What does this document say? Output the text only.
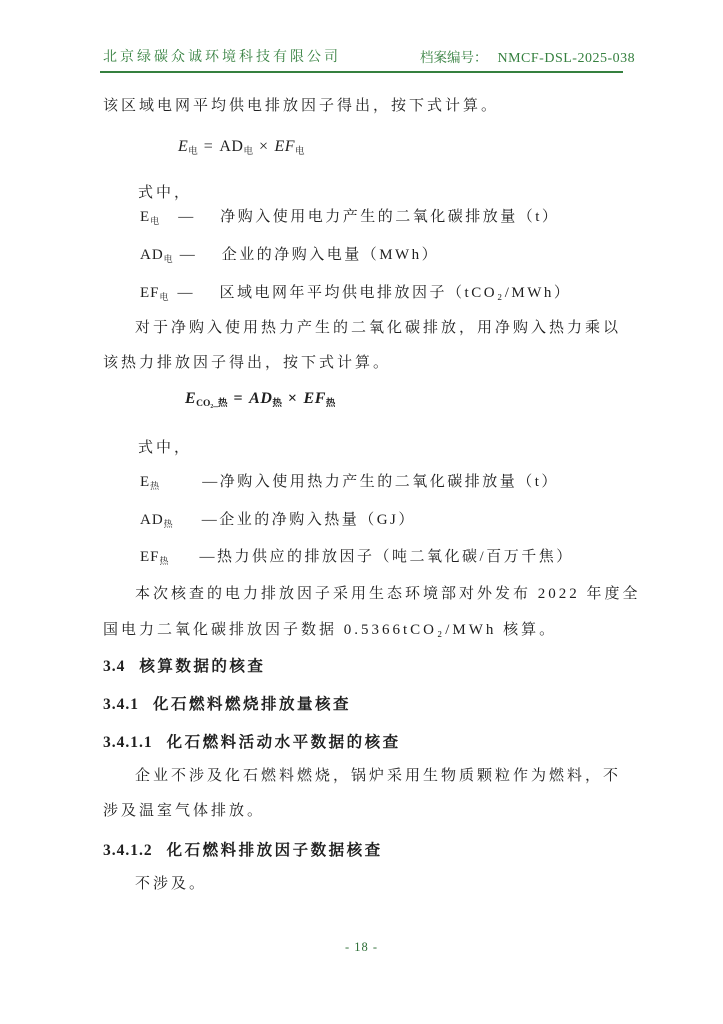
北京绿碳众诚环境科技有限公司	档案编号： NMCF-DSL-2025-038
该区域电网平均供电排放因子得出，按下式计算。
$E_电 = AD_电 \times EF_电$
式中，
$E_电$ — 净购入使用电力产生的二氧化碳排放量（t）
$AD_电$ — 企业的净购入电量（MWh）
$EF_电$ — 区域电网年平均供电排放因子（tCO₂/MWh）
对于净购入使用热力产生的二氧化碳排放，用净购入热力乘以
该热力排放因子得出，按下式计算。
$E_{CO_2\_热} = AD_热 \times EF_热$
式中，
$E_热$	—净购入使用热力产生的二氧化碳排放量（t）
$AD_热$ —企业的净购入热量（GJ）
$EF_热$ —热力供应的排放因子（吨二氧化碳/百万千焦）
本次核查的电力排放因子采用生态环境部对外发布 2022 年度全
国电力二氧化碳排放因子数据 0.5366tCO₂/MWh 核算。
3.4 核算数据的核查
3.4.1 化石燃料燃烧排放量核查
3.4.1.1 化石燃料活动水平数据的核查
企业不涉及化石燃料燃烧，锅炉采用生物质颗粒作为燃料，不
涉及温室气体排放。
3.4.1.2 化石燃料排放因子数据核查
不涉及。
- 18 -
